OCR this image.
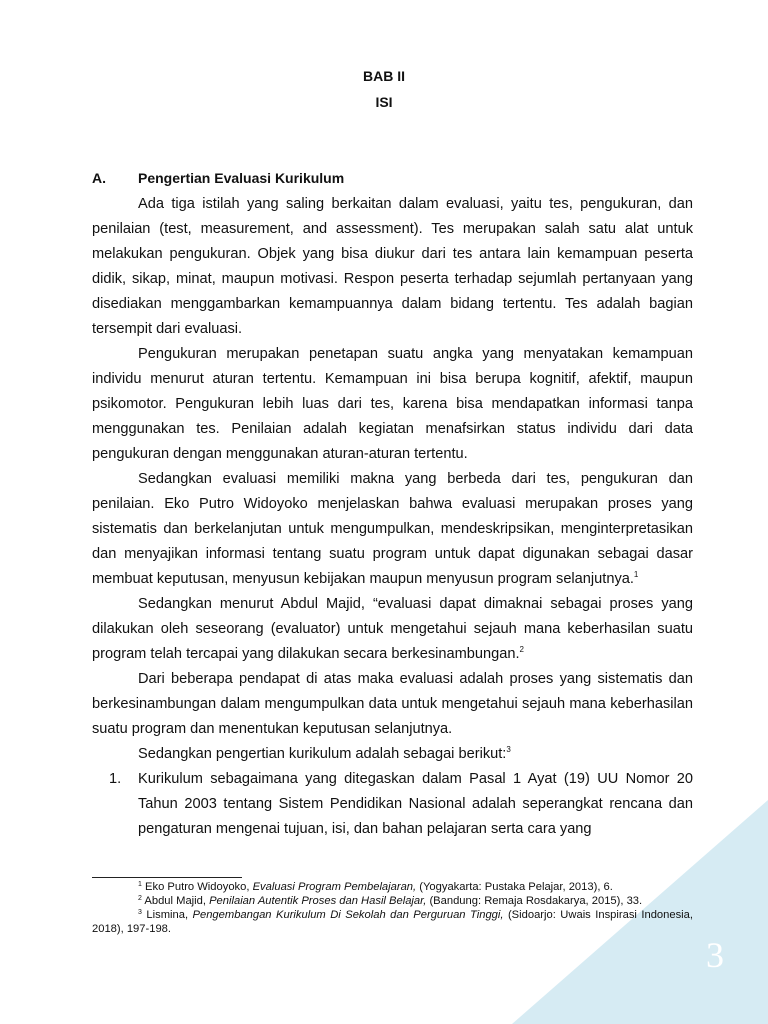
BAB II
ISI
A. Pengertian Evaluasi Kurikulum

Ada tiga istilah yang saling berkaitan dalam evaluasi, yaitu tes, pengukuran, dan penilaian (test, measurement, and assessment). Tes merupakan salah satu alat untuk melakukan pengukuran. Objek yang bisa diukur dari tes antara lain kemampuan peserta didik, sikap, minat, maupun motivasi. Respon peserta terhadap sejumlah pertanyaan yang disediakan menggambarkan kemampuannya dalam bidang tertentu. Tes adalah bagian tersempit dari evaluasi.

Pengukuran merupakan penetapan suatu angka yang menyatakan kemampuan individu menurut aturan tertentu. Kemampuan ini bisa berupa kognitif, afektif, maupun psikomotor. Pengukuran lebih luas dari tes, karena bisa mendapatkan informasi tanpa menggunakan tes. Penilaian adalah kegiatan menafsirkan status individu dari data pengukuran dengan menggunakan aturan-aturan tertentu.

Sedangkan evaluasi memiliki makna yang berbeda dari tes, pengukuran dan penilaian. Eko Putro Widoyoko menjelaskan bahwa evaluasi merupakan proses yang sistematis dan berkelanjutan untuk mengumpulkan, mendeskripsikan, menginterpretasikan dan menyajikan informasi tentang suatu program untuk dapat digunakan sebagai dasar membuat keputusan, menyusun kebijakan maupun menyusun program selanjutnya.$^1$

Sedangkan menurut Abdul Majid, “evaluasi dapat dimaknai sebagai proses yang dilakukan oleh seseorang (evaluator) untuk mengetahui sejauh mana keberhasilan suatu program telah tercapai yang dilakukan secara berkesinambungan.$^2$

Dari beberapa pendapat di atas maka evaluasi adalah proses yang sistematis dan berkesinambungan dalam mengumpulkan data untuk mengetahui sejauh mana keberhasilan suatu program dan menentukan keputusan selanjutnya.

Sedangkan pengertian kurikulum adalah sebagai berikut:$^3$

1. Kurikulum sebagaimana yang ditegaskan dalam Pasal 1 Ayat (19) UU Nomor 20 Tahun 2003 tentang Sistem Pendidikan Nasional adalah seperangkat rencana dan pengaturan mengenai tujuan, isi, dan bahan pelajaran serta cara yang

$^1$ Eko Putro Widoyoko, Evaluasi Program Pembelajaran, (Yogyakarta: Pustaka Pelajar, 2013), 6.

$^2$ Abdul Majid, Penilaian Autentik Proses dan Hasil Belajar, (Bandung: Remaja Rosdakarya, 2015), 33.

$^3$ Lismina, Pengembangan Kurikulum Di Sekolah dan Perguruan Tinggi, (Sidoarjo: Uwais Inspirasi Indonesia, 2018), 197-198.

3
